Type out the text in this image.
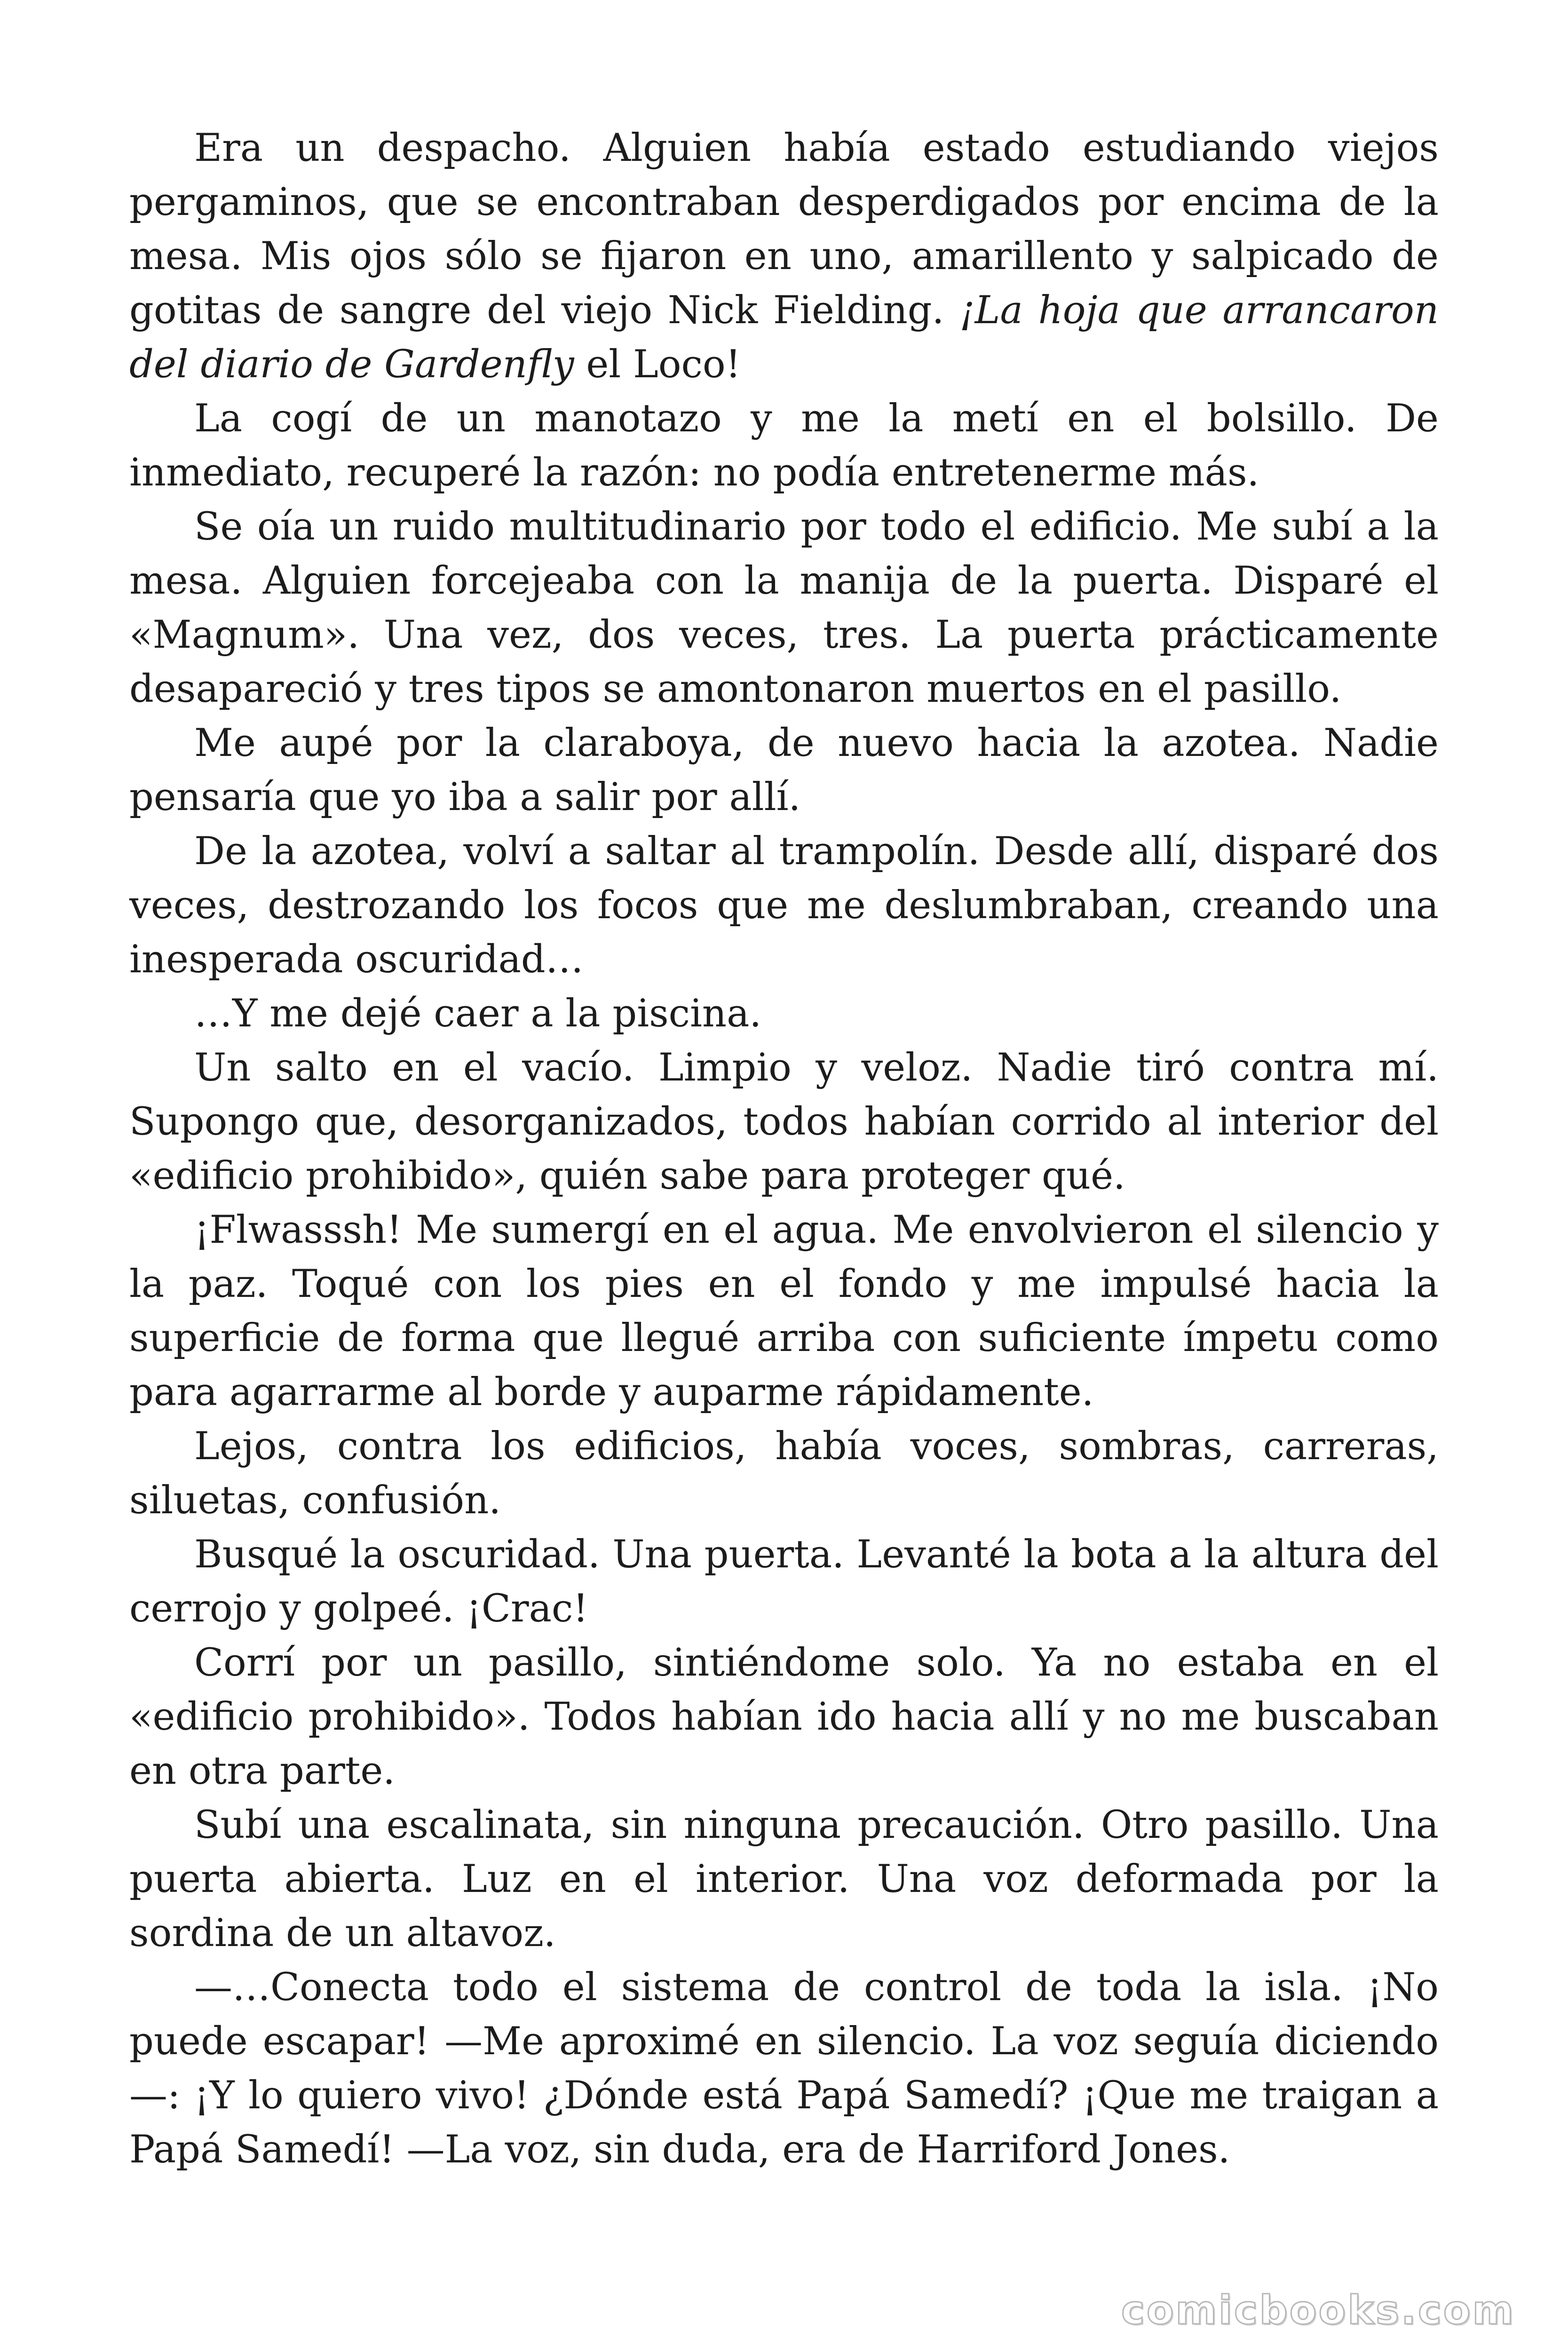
Era un despacho. Alguien había estado estudiando viejos pergaminos, que se encontraban desperdigados por encima de la mesa. Mis ojos sólo se fijaron en uno, amarillento y salpicado de gotitas de sangre del viejo Nick Fielding. ¡La hoja que arrancaron del diario de Gardenfly el Loco!

La cogí de un manotazo y me la metí en el bolsillo. De inmediato, recuperé la razón: no podía entretenerme más.

Se oía un ruido multitudinario por todo el edificio. Me subí a la mesa. Alguien forcejeaba con la manija de la puerta. Disparé el «Magnum». Una vez, dos veces, tres. La puerta prácticamente desapareció y tres tipos se amontonaron muertos en el pasillo.

Me aupé por la claraboya, de nuevo hacia la azotea. Nadie pensaría que yo iba a salir por allí.

De la azotea, volví a saltar al trampolín. Desde allí, disparé dos veces, destrozando los focos que me deslumbraban, creando una inesperada oscuridad…

…Y me dejé caer a la piscina.

Un salto en el vacío. Limpio y veloz. Nadie tiró contra mí. Supongo que, desorganizados, todos habían corrido al interior del «edificio prohibido», quién sabe para proteger qué.

¡Flwasssh! Me sumergí en el agua. Me envolvieron el silencio y la paz. Toqué con los pies en el fondo y me impulsé hacia la superficie de forma que llegué arriba con suficiente ímpetu como para agarrarme al borde y auparme rápidamente.

Lejos, contra los edificios, había voces, sombras, carreras, siluetas, confusión.

Busqué la oscuridad. Una puerta. Levanté la bota a la altura del cerrojo y golpeé. ¡Crac!

Corrí por un pasillo, sintiéndome solo. Ya no estaba en el «edificio prohibido». Todos habían ido hacia allí y no me buscaban en otra parte.

Subí una escalinata, sin ninguna precaución. Otro pasillo. Una puerta abierta. Luz en el interior. Una voz deformada por la sordina de un altavoz.

—…Conecta todo el sistema de control de toda la isla. ¡No puede escapar! —Me aproximé en silencio. La voz seguía diciendo —: ¡Y lo quiero vivo! ¿Dónde está Papá Samedí? ¡Que me traigan a Papá Samedí! —La voz, sin duda, era de Harriford Jones.

comicbooks.com
